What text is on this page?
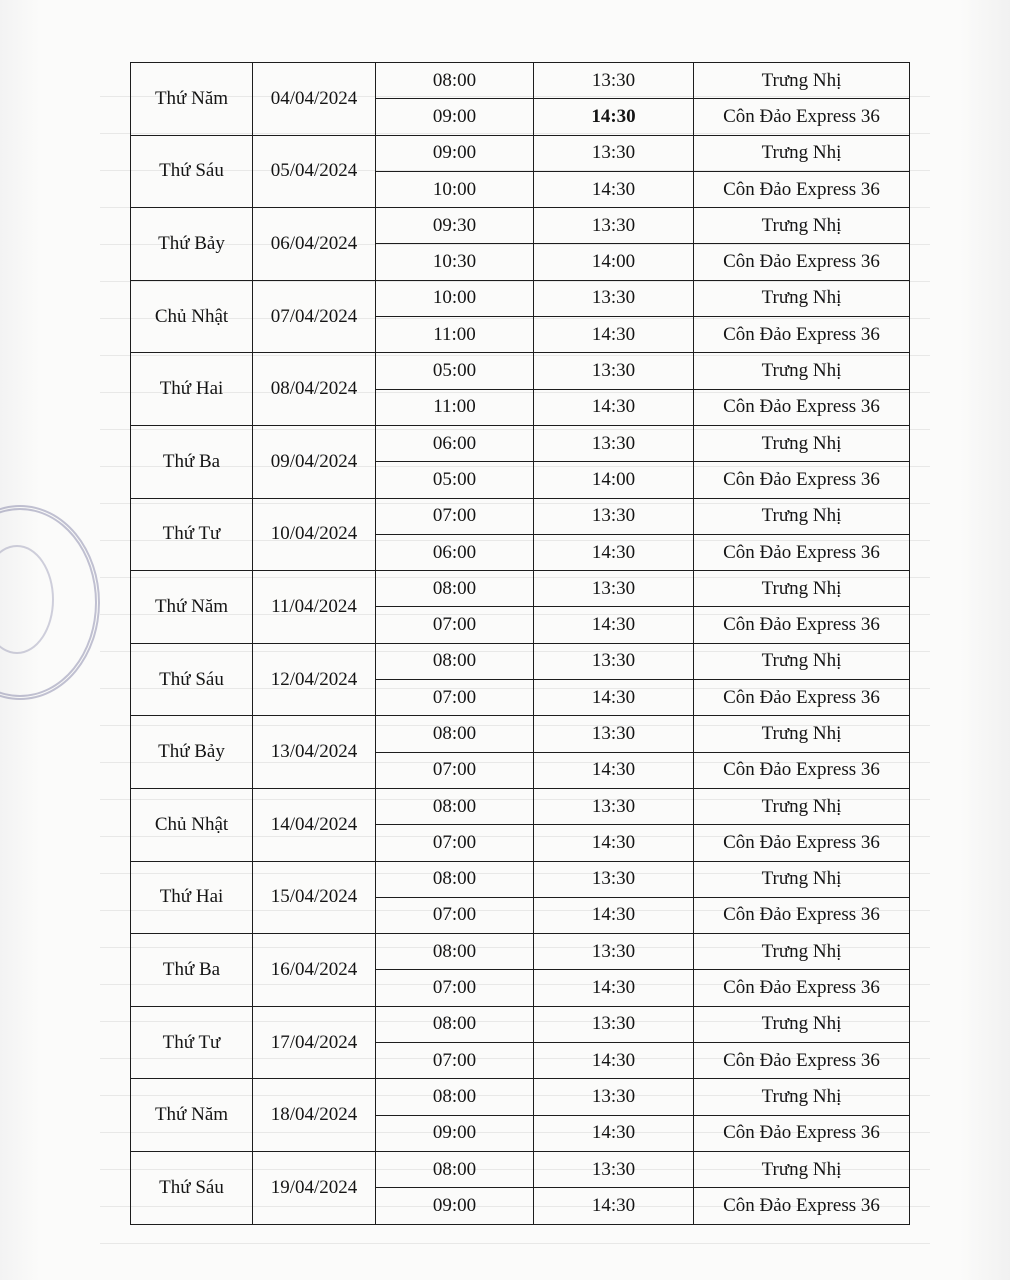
Thứ Năm	04/04/2024	08:00	13:30	Trưng Nhị
		09:00	14:30	Côn Đảo Express 36
Thứ Sáu	05/04/2024	09:00	13:30	Trưng Nhị
		10:00	14:30	Côn Đảo Express 36
Thứ Bảy	06/04/2024	09:30	13:30	Trưng Nhị
		10:30	14:00	Côn Đảo Express 36
Chủ Nhật	07/04/2024	10:00	13:30	Trưng Nhị
		11:00	14:30	Côn Đảo Express 36
Thứ Hai	08/04/2024	05:00	13:30	Trưng Nhị
		11:00	14:30	Côn Đảo Express 36
Thứ Ba	09/04/2024	06:00	13:30	Trưng Nhị
		05:00	14:00	Côn Đảo Express 36
Thứ Tư	10/04/2024	07:00	13:30	Trưng Nhị
		06:00	14:30	Côn Đảo Express 36
Thứ Năm	11/04/2024	08:00	13:30	Trưng Nhị
		07:00	14:30	Côn Đảo Express 36
Thứ Sáu	12/04/2024	08:00	13:30	Trưng Nhị
		07:00	14:30	Côn Đảo Express 36
Thứ Bảy	13/04/2024	08:00	13:30	Trưng Nhị
		07:00	14:30	Côn Đảo Express 36
Chủ Nhật	14/04/2024	08:00	13:30	Trưng Nhị
		07:00	14:30	Côn Đảo Express 36
Thứ Hai	15/04/2024	08:00	13:30	Trưng Nhị
		07:00	14:30	Côn Đảo Express 36
Thứ Ba	16/04/2024	08:00	13:30	Trưng Nhị
		07:00	14:30	Côn Đảo Express 36
Thứ Tư	17/04/2024	08:00	13:30	Trưng Nhị
		07:00	14:30	Côn Đảo Express 36
Thứ Năm	18/04/2024	08:00	13:30	Trưng Nhị
		09:00	14:30	Côn Đảo Express 36
Thứ Sáu	19/04/2024	08:00	13:30	Trưng Nhị
		09:00	14:30	Côn Đảo Express 36
